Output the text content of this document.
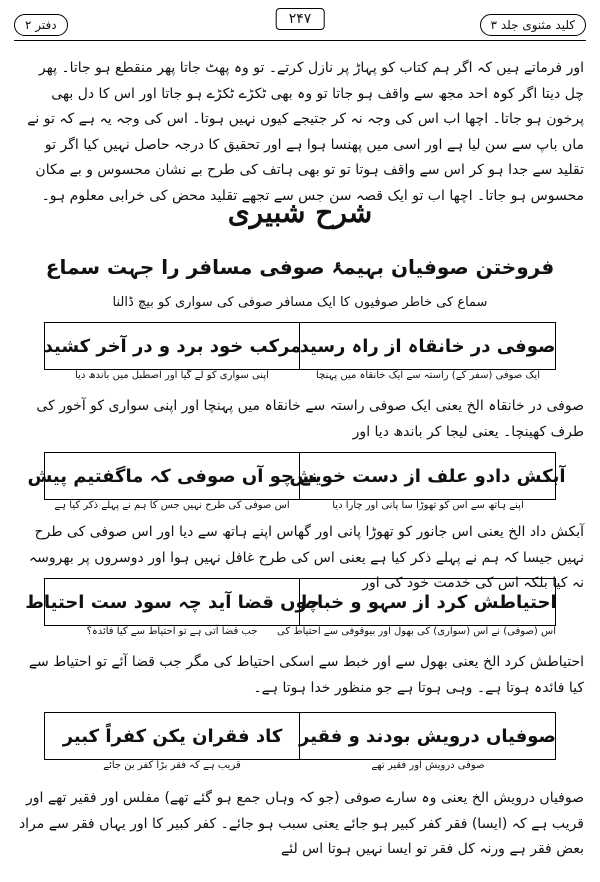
دفتر ۲	۲۴۷	کلید مثنوی جلد ۳
اور فرماتے ہیں کہ اگر ہم کتاب کو پہاڑ پر نازل کرتے۔ تو وہ پھٹ جاتا پھر منقطع ہو جاتا۔ پھر چل دیتا اگر کوہ احد مجھ سے واقف ہو جاتا تو وہ بھی ٹکڑے ٹکڑے ہو جاتا اور اس کا دل بھی پرخون ہو جاتا۔ اچھا اب اس کی وجہ نہ کر جتیجے کیوں نہیں ہوتا۔ اس کی وجہ یہ ہے کہ تو نے ماں باپ سے سن لیا ہے اور اسی میں پھنسا ہوا ہے اور تحقیق کا درجہ حاصل نہیں کیا اگر تو تقلید سے جدا ہو کر اس سے واقف ہوتا تو تو بھی ہاتف کی طرح بے نشان محسوس و بے مکان محسوس ہو جاتا۔ اچھا اب تو ایک قصہ سن جس سے تجھے تقلید محض کی خرابی معلوم ہو۔
شرح شبیری
فروختن صوفیان بہیمۂ صوفی مسافر را جہت سماع
سماع کی خاطر صوفیوں کا ایک مسافر صوفی کی سواری کو بیچ ڈالنا
صوفی در خانقاہ از راہ رسید
مرکب خود برد و در آخر کشید
ایک صوفی (سفر کے) راستہ سے ایک خانقاہ میں پہنچا
اپنی سواری کو لے گیا اور اصطبل میں باندھ دیا
صوفی در خانقاہ الخ یعنی ایک صوفی راستہ سے خانقاہ میں پہنچا اور اپنی سواری کو آخور کی طرف کھینچا۔ یعنی لیجا کر باندھ دیا اور
آبکش دادو علف از دست خویش
نے چو آں صوفی کہ ماگفتیم پیش
اپنے ہاتھ سے اس کو تھوڑا سا پانی اور چارا دیا
اس صوفی کی طرح نہیں جس کا ہم نے پہلے ذکر کیا ہے
آبکش داد الخ یعنی اس جانور کو تھوڑا پانی اور گھاس اپنے ہاتھ سے دیا اور اس صوفی کی طرح نہیں جیسا کہ ہم نے پہلے ذکر کیا ہے یعنی اس کی طرح غافل نہیں ہوا اور دوسروں پر بھروسہ نہ کیا بلکہ اس کی خدمت خود کی اور
احتیاطش کرد از سہو و خباط
چوں قضا آید چہ سود ست احتیاط
اس (صوفی) نے اس (سواری) کی بھول اور بیوقوفی سے احتیاط کی
جب قضا آتی ہے تو احتیاط سے کیا فائدہ؟
احتیاطش کرد الخ یعنی بھول سے اور خبط سے اسکی احتیاط کی مگر جب قضا آئے تو احتیاط سے کیا فائدہ ہوتا ہے۔ وہی ہوتا ہے جو منظور خدا ہوتا ہے۔
صوفیاں درویش بودند و فقیر
کاد فقران یکن کفراً کبیر
صوفی درویش اور فقیر تھے
قریب ہے کہ فقر بڑا کفر بن جائے
صوفیاں درویش الخ یعنی وہ سارے صوفی (جو کہ وہاں جمع ہو گئے تھے) مفلس اور فقیر تھے اور قریب ہے کہ (ایسا) فقر کفر کبیر ہو جائے یعنی سبب ہو جائے۔ کفر کبیر کا اور یہاں فقر سے مراد بعض فقر ہے ورنہ کل فقر تو ایسا نہیں ہوتا اس لئے
